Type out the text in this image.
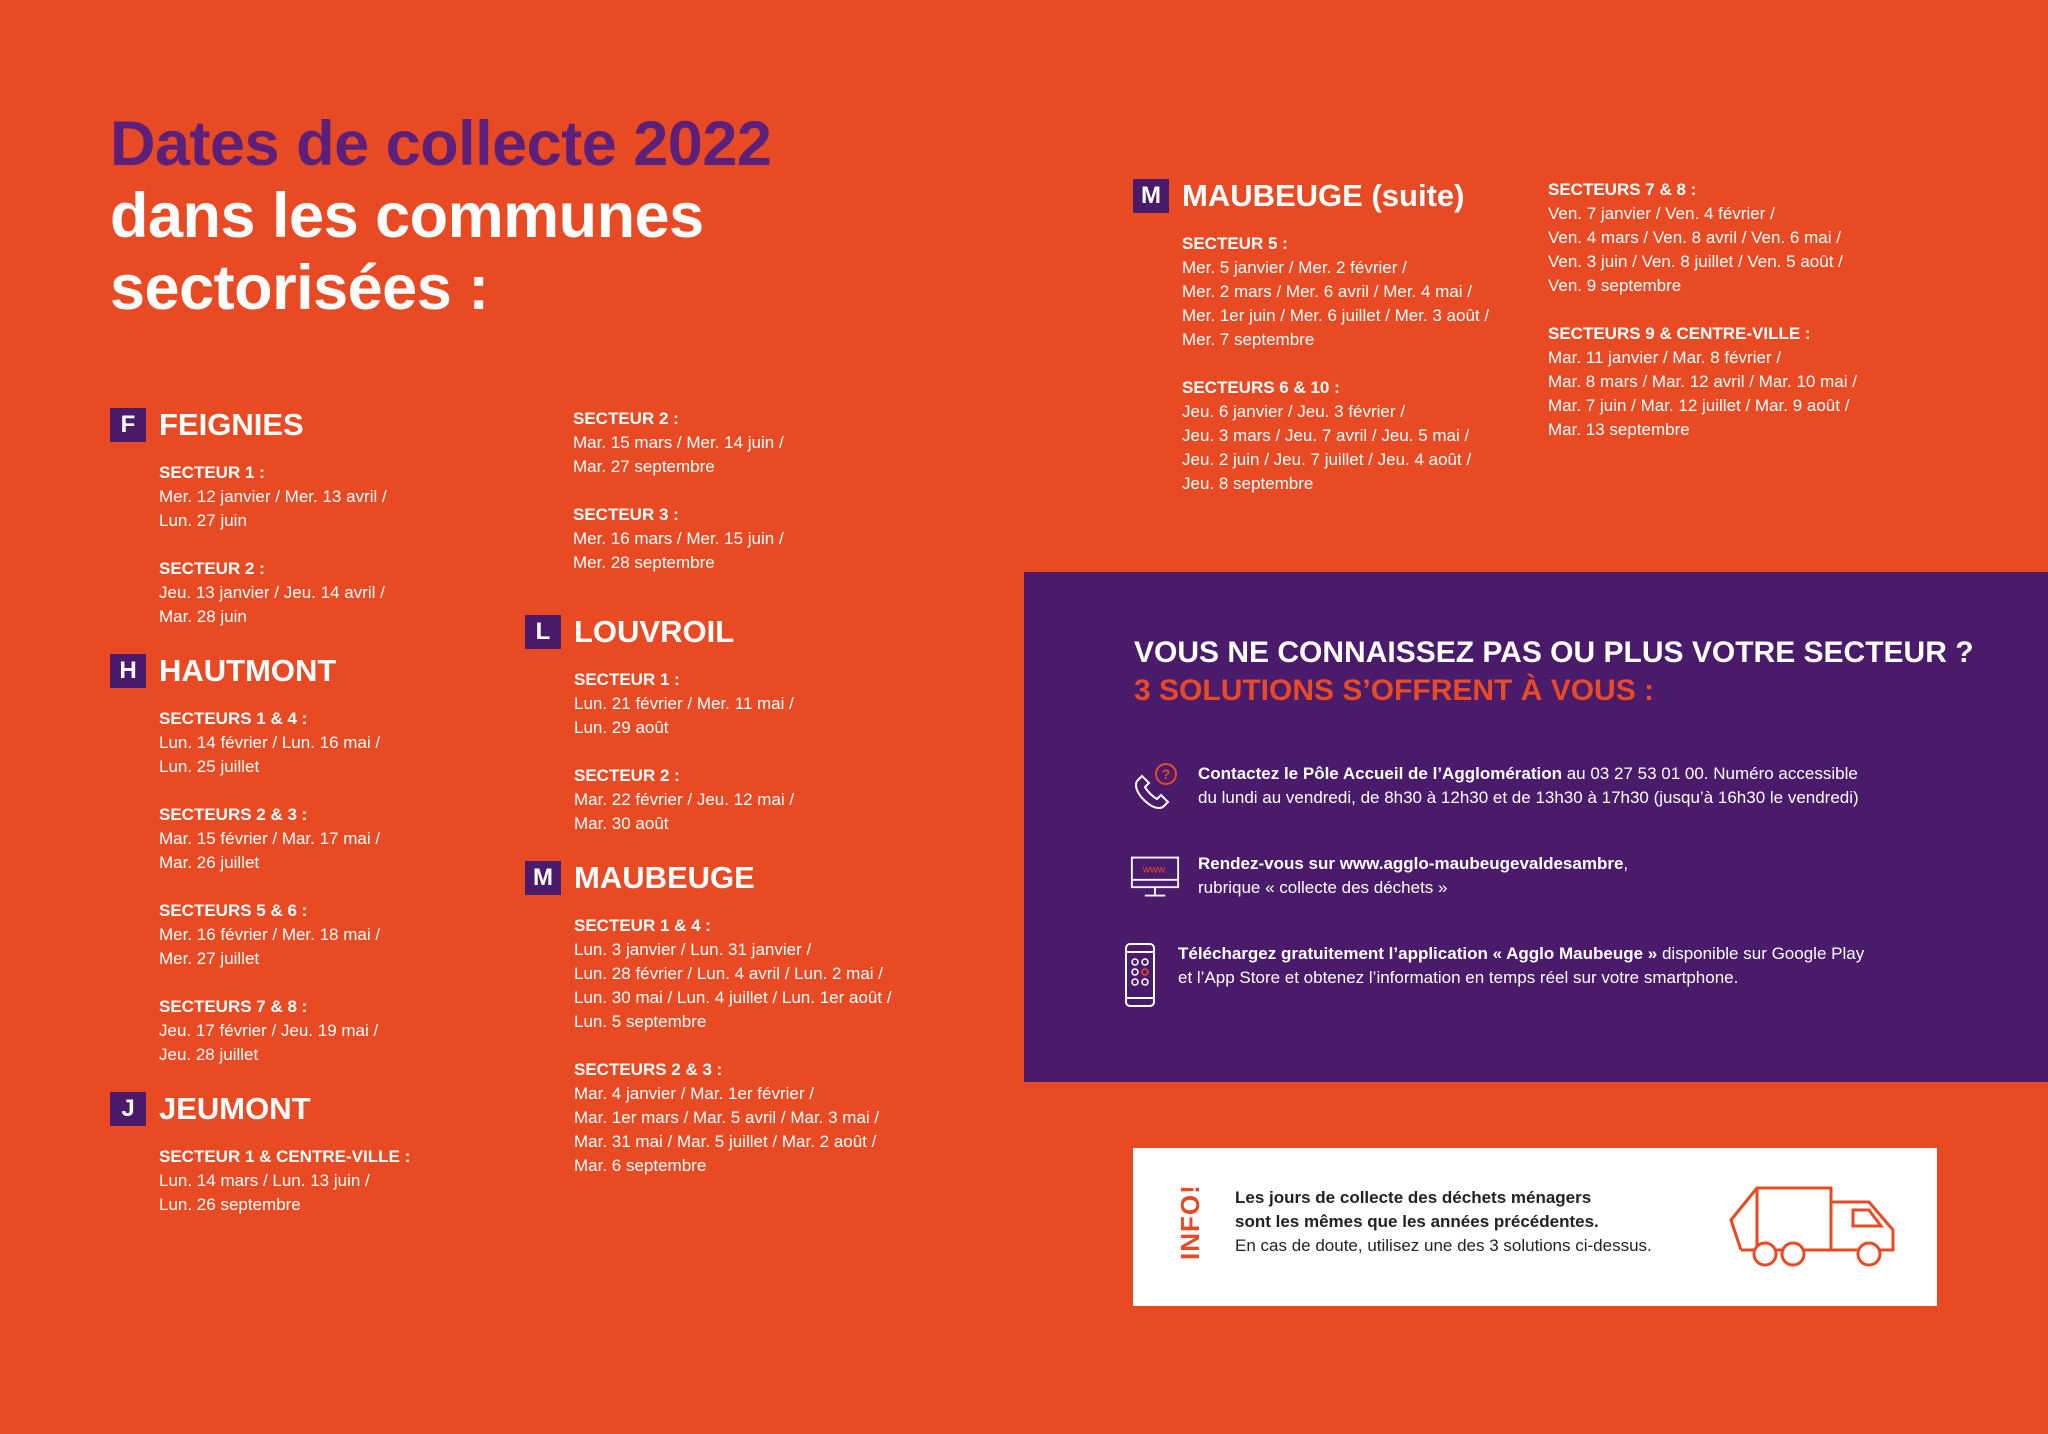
Dates de collecte 2022
dans les communes
sectorisées :
F FEIGNIES
SECTEUR 1 :
Mer. 12 janvier / Mer. 13 avril /
Lun. 27 juin
SECTEUR 2 :
Jeu. 13 janvier / Jeu. 14 avril /
Mar. 28 juin
H HAUTMONT
SECTEURS 1 & 4 :
Lun. 14 février / Lun. 16 mai /
Lun. 25 juillet
SECTEURS 2 & 3 :
Mar. 15 février / Mar. 17 mai /
Mar. 26 juillet
SECTEURS 5 & 6 :
Mer. 16 février / Mer. 18 mai /
Mer. 27 juillet
SECTEURS 7 & 8 :
Jeu. 17 février / Jeu. 19 mai /
Jeu. 28 juillet
J JEUMONT
SECTEUR 1 & CENTRE-VILLE :
Lun. 14 mars / Lun. 13 juin /
Lun. 26 septembre
SECTEUR 2 :
Mar. 15 mars / Mer. 14 juin /
Mar. 27 septembre
SECTEUR 3 :
Mer. 16 mars / Mer. 15 juin /
Mer. 28 septembre
L LOUVROIL
SECTEUR 1 :
Lun. 21 février / Mer. 11 mai /
Lun. 29 août
SECTEUR 2 :
Mar. 22 février / Jeu. 12 mai /
Mar. 30 août
M MAUBEUGE
SECTEUR 1 & 4 :
Lun. 3 janvier / Lun. 31 janvier /
Lun. 28 février / Lun. 4 avril / Lun. 2 mai /
Lun. 30 mai / Lun. 4 juillet / Lun. 1er août /
Lun. 5 septembre
SECTEURS 2 & 3 :
Mar. 4 janvier / Mar. 1er février /
Mar. 1er mars / Mar. 5 avril / Mar. 3 mai /
Mar. 31 mai / Mar. 5 juillet / Mar. 2 août /
Mar. 6 septembre
M MAUBEUGE (suite)
SECTEUR 5 :
Mer. 5 janvier / Mer. 2 février /
Mer. 2 mars / Mer. 6 avril / Mer. 4 mai /
Mer. 1er juin / Mer. 6 juillet / Mer. 3 août /
Mer. 7 septembre
SECTEURS 6 & 10 :
Jeu. 6 janvier / Jeu. 3 février /
Jeu. 3 mars / Jeu. 7 avril / Jeu. 5 mai /
Jeu. 2 juin / Jeu. 7 juillet / Jeu. 4 août /
Jeu. 8 septembre
SECTEURS 7 & 8 :
Ven. 7 janvier / Ven. 4 février /
Ven. 4 mars / Ven. 8 avril / Ven. 6 mai /
Ven. 3 juin / Ven. 8 juillet / Ven. 5 août /
Ven. 9 septembre
SECTEURS 9 & CENTRE-VILLE :
Mar. 11 janvier / Mar. 8 février /
Mar. 8 mars / Mar. 12 avril / Mar. 10 mai /
Mar. 7 juin / Mar. 12 juillet / Mar. 9 août /
Mar. 13 septembre
VOUS NE CONNAISSEZ PAS OU PLUS VOTRE SECTEUR ?
3 SOLUTIONS S’OFFRENT À VOUS :
? Contactez le Pôle Accueil de l’Agglomération au 03 27 53 01 00. Numéro accessible
du lundi au vendredi, de 8h30 à 12h30 et de 13h30 à 17h30 (jusqu’à 16h30 le vendredi)
www. Rendez-vous sur www.agglo-maubeugevaldesambre,
rubrique « collecte des déchets »
Téléchargez gratuitement l’application « Agglo Maubeuge » disponible sur Google Play
et l’App Store et obtenez l’information en temps réel sur votre smartphone.
INFO! Les jours de collecte des déchets ménagers
sont les mêmes que les années précédentes.
En cas de doute, utilisez une des 3 solutions ci-dessus.
